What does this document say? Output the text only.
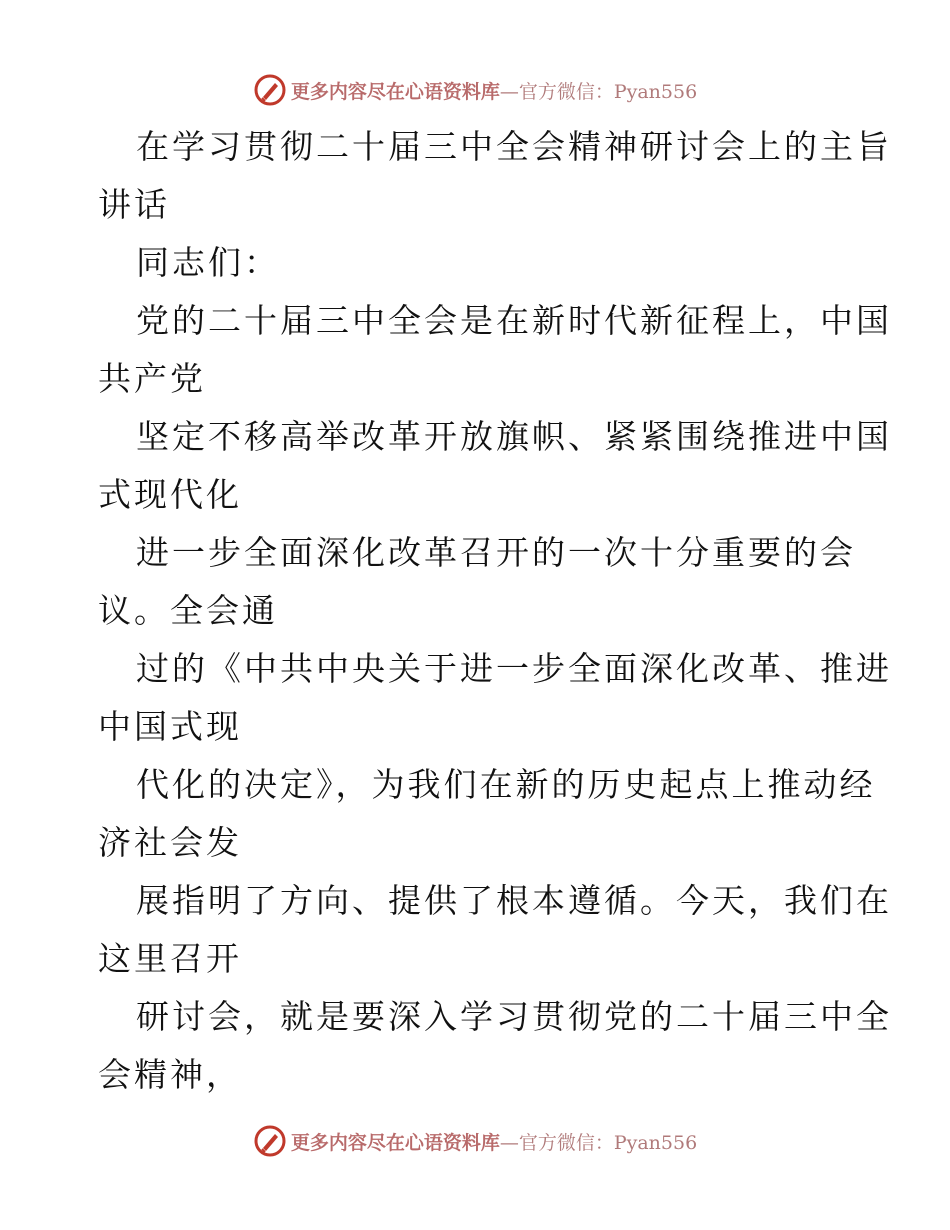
更多内容尽在心语资料库—官方微信：Pyan556
在学习贯彻二十届三中全会精神研讨会上的主旨
讲话
同志们：
党的二十届三中全会是在新时代新征程上，中国
共产党
坚定不移高举改革开放旗帜、紧紧围绕推进中国
式现代化
进一步全面深化改革召开的一次十分重要的会
议。全会通
过的《中共中央关于进一步全面深化改革、推进
中国式现
代化的决定》，为我们在新的历史起点上推动经
济社会发
展指明了方向、提供了根本遵循。今天，我们在
这里召开
研讨会，就是要深入学习贯彻党的二十届三中全
会精神，
更多内容尽在心语资料库—官方微信：Pyan556
